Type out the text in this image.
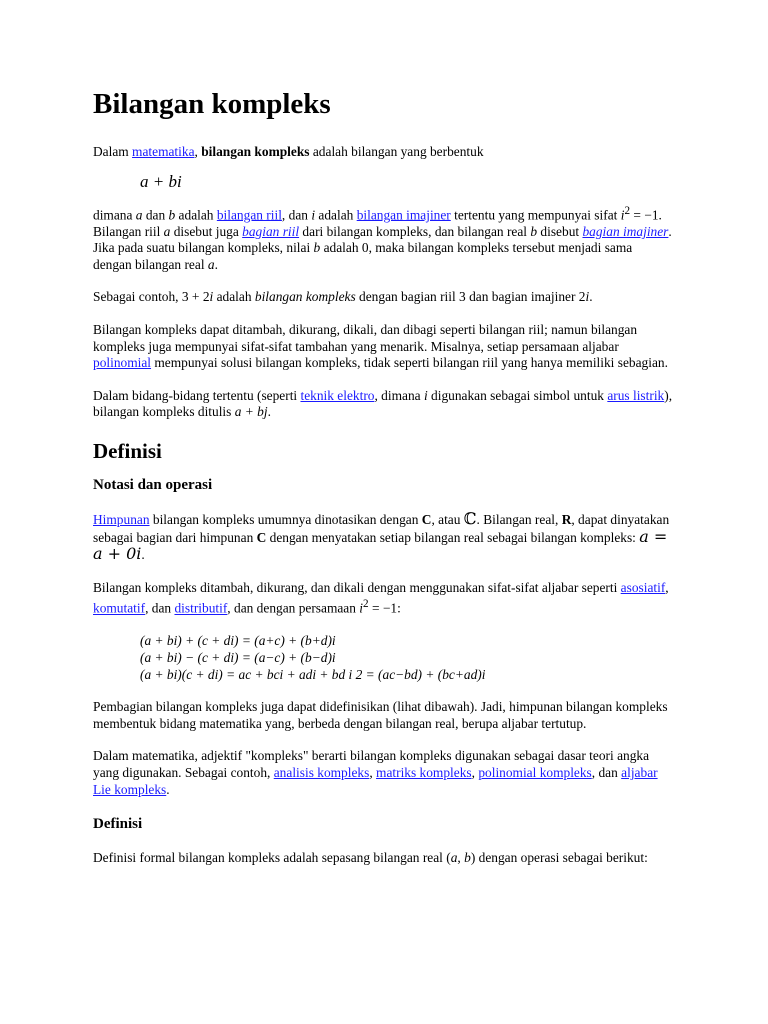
Bilangan kompleks

Dalam matematika, bilangan kompleks adalah bilangan yang berbentuk

a + bi

dimana a dan b adalah bilangan riil, dan i adalah bilangan imajiner tertentu yang mempunyai sifat $i^2 = -1$. Bilangan riil a disebut juga bagian riil dari bilangan kompleks, dan bilangan real b disebut bagian imajiner. Jika pada suatu bilangan kompleks, nilai b adalah 0, maka bilangan kompleks tersebut menjadi sama dengan bilangan real a.

Sebagai contoh, 3 + 2i adalah bilangan kompleks dengan bagian riil 3 dan bagian imajiner 2i.

Bilangan kompleks dapat ditambah, dikurang, dikali, dan dibagi seperti bilangan riil; namun bilangan kompleks juga mempunyai sifat-sifat tambahan yang menarik. Misalnya, setiap persamaan aljabar polinomial mempunyai solusi bilangan kompleks, tidak seperti bilangan riil yang hanya memiliki sebagian.

Dalam bidang-bidang tertentu (seperti teknik elektro, dimana i digunakan sebagai simbol untuk arus listrik), bilangan kompleks ditulis a + bj.

Definisi
Notasi dan operasi

Himpunan bilangan kompleks umumnya dinotasikan dengan C, atau ℂ. Bilangan real, R, dapat dinyatakan sebagai bagian dari himpunan C dengan menyatakan setiap bilangan real sebagai bilangan kompleks: a = a + 0i.

Bilangan kompleks ditambah, dikurang, dan dikali dengan menggunakan sifat-sifat aljabar seperti asosiatif, komutatif, dan distributif, dan dengan persamaan $i^2 = -1$:

(a + bi) + (c + di) = (a+c) + (b+d)i
(a + bi) − (c + di) = (a−c) + (b−d)i
(a + bi)(c + di) = ac + bci + adi + bd i 2 = (ac−bd) + (bc+ad)i

Pembagian bilangan kompleks juga dapat didefinisikan (lihat dibawah). Jadi, himpunan bilangan kompleks membentuk bidang matematika yang, berbeda dengan bilangan real, berupa aljabar tertutup.

Dalam matematika, adjektif "kompleks" berarti bilangan kompleks digunakan sebagai dasar teori angka yang digunakan. Sebagai contoh, analisis kompleks, matriks kompleks, polinomial kompleks, dan aljabar Lie kompleks.

Definisi

Definisi formal bilangan kompleks adalah sepasang bilangan real (a, b) dengan operasi sebagai berikut:
